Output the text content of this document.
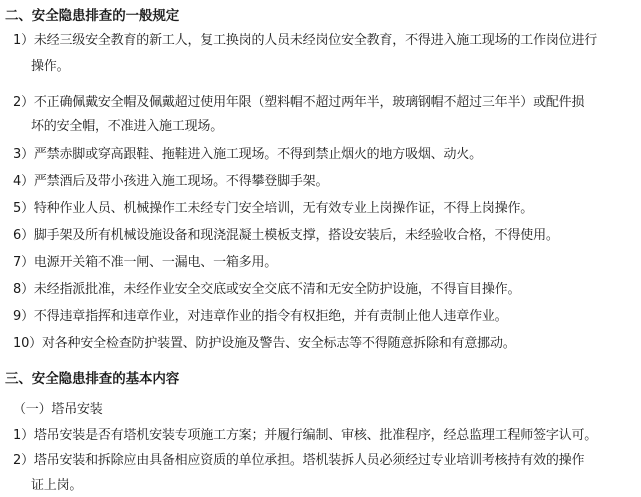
二、安全隐患排查的一般规定
1）未经三级安全教育的新工人，复工换岗的人员未经岗位安全教育，不得进入施工现场的工作岗位进行
操作。
2）不正确佩戴安全帽及佩戴超过使用年限（塑料帽不超过两年半，玻璃钢帽不超过三年半）或配件损
坏的安全帽，不准进入施工现场。
3）严禁赤脚或穿高跟鞋、拖鞋进入施工现场。不得到禁止烟火的地方吸烟、动火。
4）严禁酒后及带小孩进入施工现场。不得攀登脚手架。
5）特种作业人员、机械操作工未经专门安全培训，无有效专业上岗操作证，不得上岗操作。
6）脚手架及所有机械设施设备和现浇混凝土模板支撑，搭设安装后，未经验收合格，不得使用。
7）电源开关箱不准一闸、一漏电、一箱多用。
8）未经指派批准，未经作业安全交底或安全交底不清和无安全防护设施，不得盲目操作。
9）不得违章指挥和违章作业，对违章作业的指令有权拒绝，并有责制止他人违章作业。
10）对各种安全检查防护装置、防护设施及警告、安全标志等不得随意拆除和有意挪动。
三、安全隐患排查的基本内容
（一）塔吊安装
1）塔吊安装是否有塔机安装专项施工方案；并履行编制、审核、批准程序，经总监理工程师签字认可。
2）塔吊安装和拆除应由具备相应资质的单位承担。塔机装拆人员必须经过专业培训考核持有效的操作
证上岗。
